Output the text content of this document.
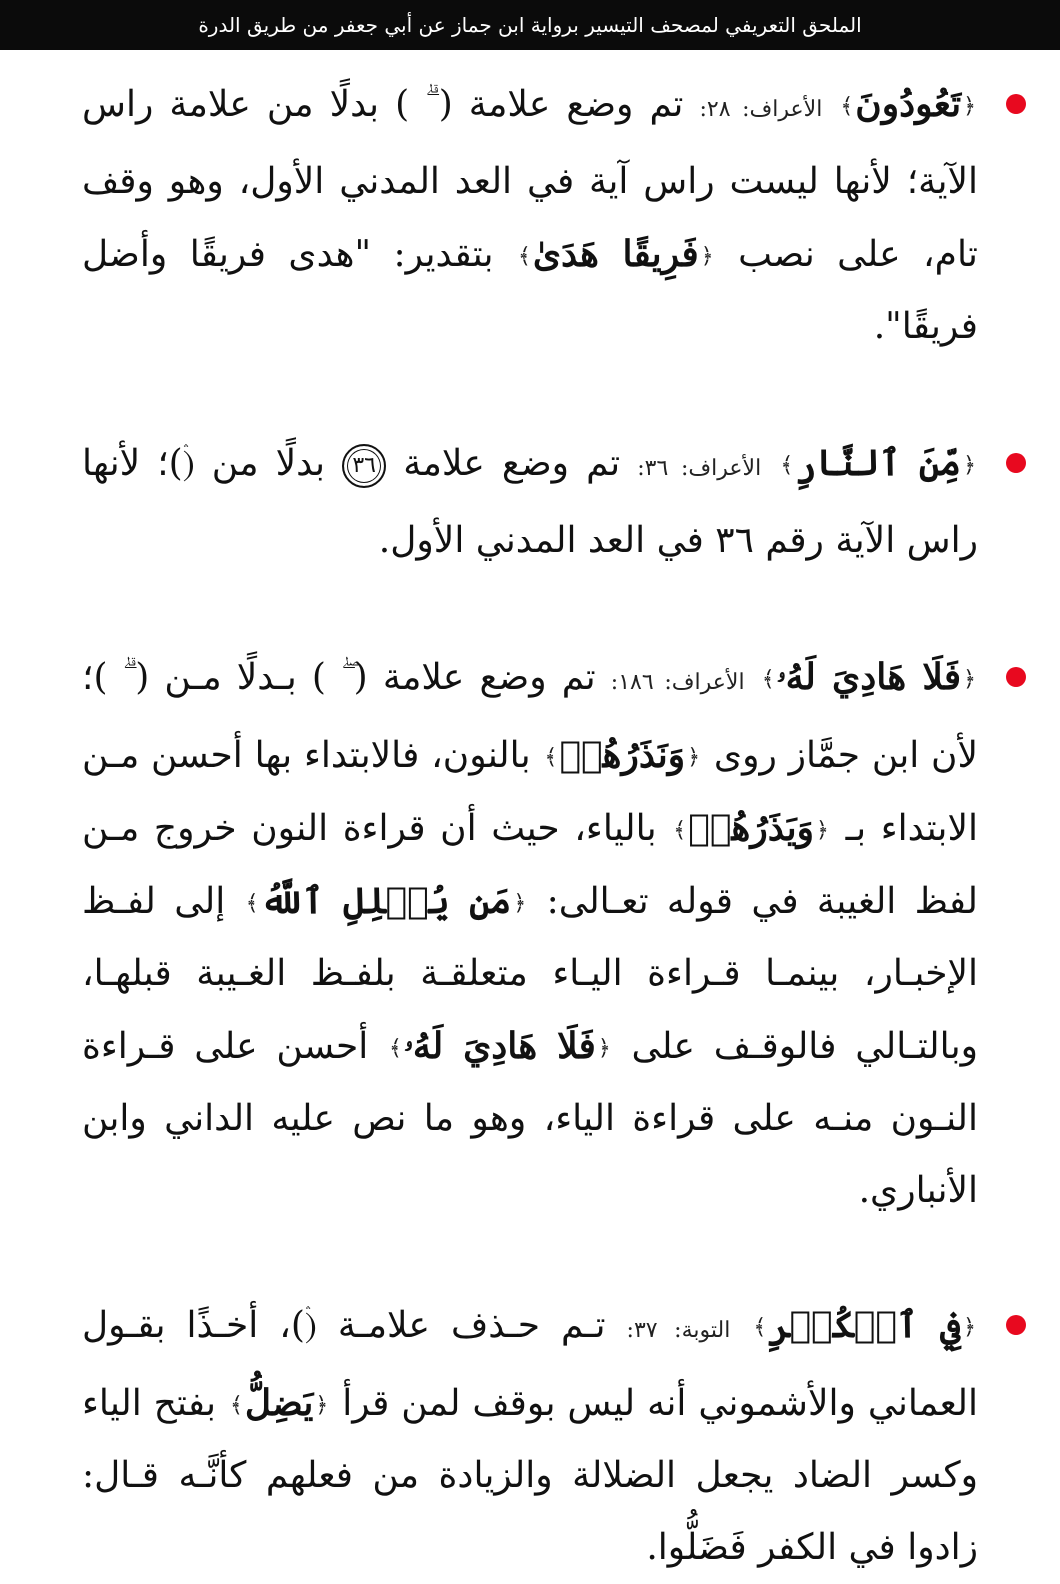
الملحق التعريفي لمصحف التيسير برواية ابن جماز عن أبي جعفر من طريق الدرة
﴿تَعُودُونَ﴾ الأعراف: ٢٨: تم وضع علامة ( ۗ ) بدلًا من علامة راس الآية؛ لأنها ليست راس آية في العد المدني الأول، وهو وقف تام، على نصب ﴿فَرِيقًا هَدَىٰ﴾ بتقدير: "هدى فريقًا وأضل فريقًا".
﴿مِّنَ ٱلنَّارِ﴾ الأعراف: ٣٦: تم وضع علامة ٣٦ بدلًا من (ۛ)؛ لأنها راس الآية رقم ٣٦ في العد المدني الأول.
﴿فَلَا هَادِيَ لَهُۥ﴾ الأعراف: ١٨٦: تم وضع علامة ( ۖ ) بـدلًا مـن ( ۗ )؛ لأن ابن جمَّاز روى ﴿وَنَذَرُهُمۡ﴾ بالنون، فالابتداء بها أحسن مـن الابتداء بـ ﴿وَيَذَرُهُمۡ﴾ بالياء، حيث أن قراءة النون خروج مـن لفظ الغيبة في قوله تعـالى: ﴿مَن يُضۡلِلِ ٱللَّهُ﴾ إلى لفـظ الإخبـار، بينمـا قـراءة اليـاء متعلقـة بلفـظ الغـيبة قبلهـا، وبالتـالي فالوقـف على ﴿فَلَا هَادِيَ لَهُۥ﴾ أحسن على قـراءة النـون منـه على قراءة الياء، وهو ما نص عليه الداني وابن الأنباري.
﴿فِي ٱلۡكُفۡرِ﴾ التوبة: ٣٧: تـم حـذف علامـة (ۛ)، أخـذًا بقـول العماني والأشموني أنه ليس بوقف لمن قرأ ﴿يَضِلُّ﴾ بفتح الياء وكسر الضاد يجعل الضلالة والزيادة من فعلهم كأنَّـه قـال: زادوا في الكفر فَضَلُّوا.
